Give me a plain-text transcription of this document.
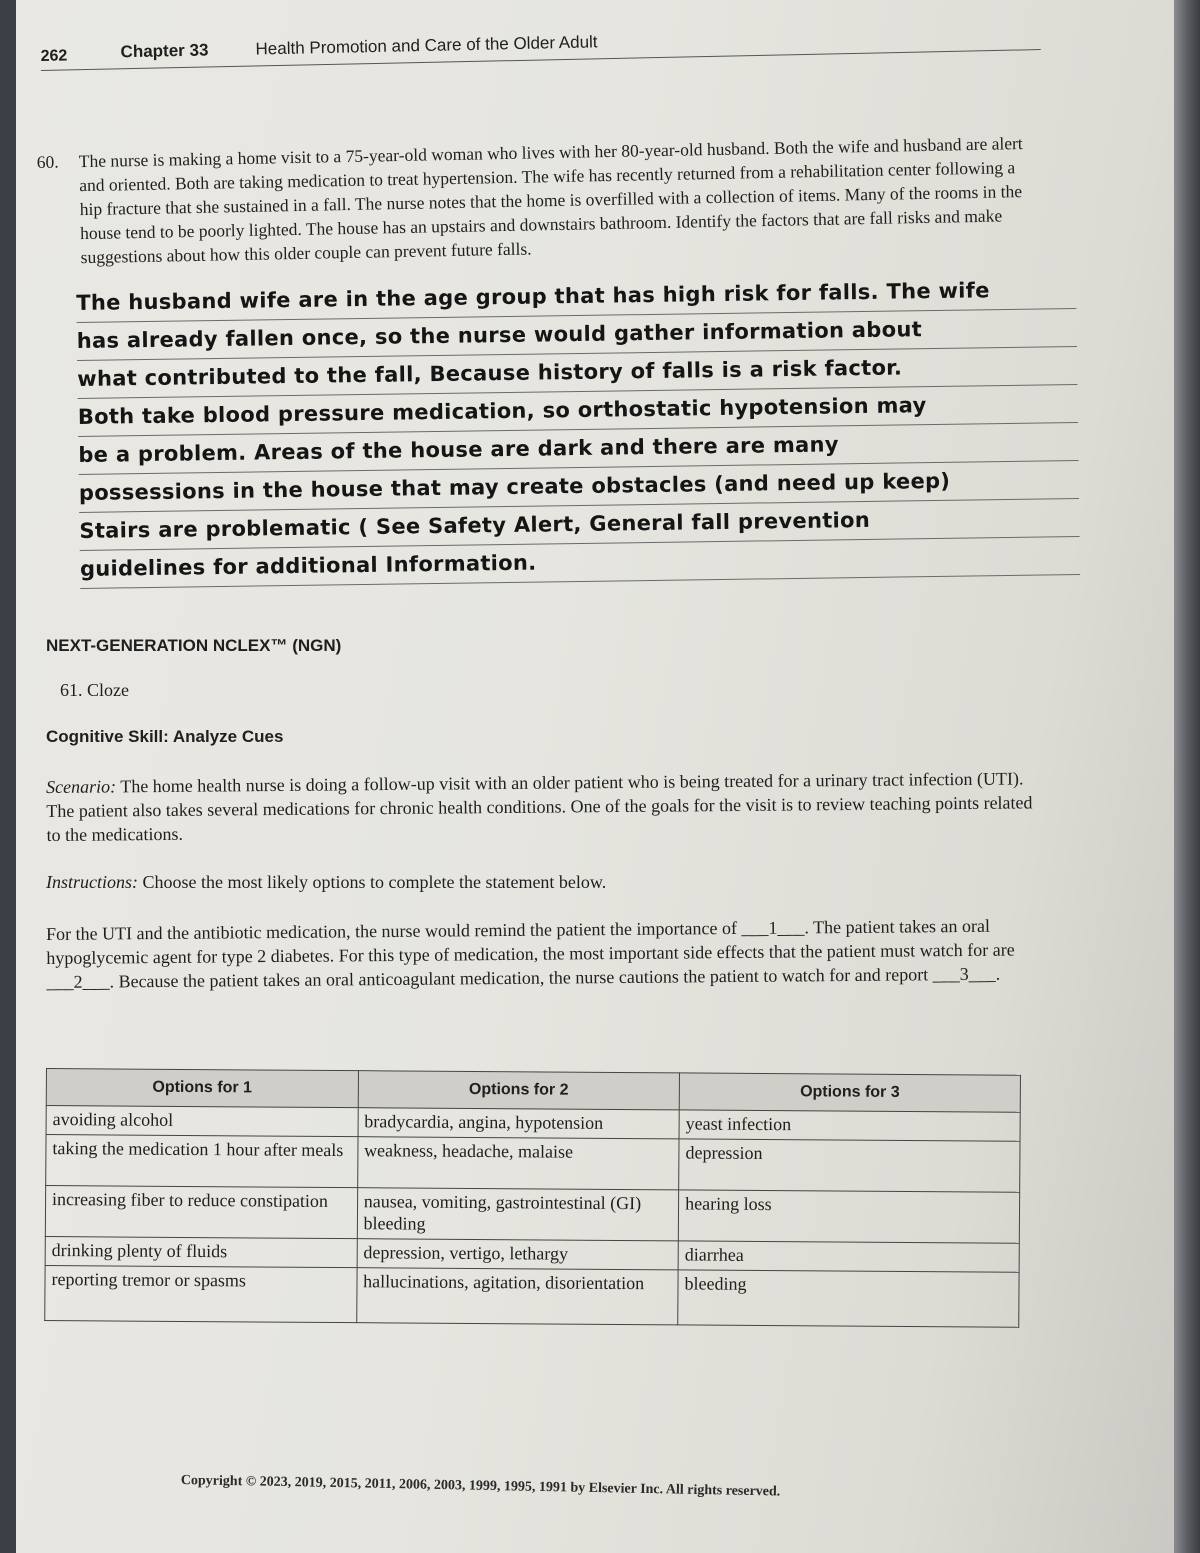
262	Chapter 33	Health Promotion and Care of the Older Adult
60. The nurse is making a home visit to a 75-year-old woman who lives with her 80-year-old husband. Both the wife and husband are alert and oriented. Both are taking medication to treat hypertension. The wife has recently returned from a rehabilitation center following a hip fracture that she sustained in a fall. The nurse notes that the home is overfilled with a collection of items. Many of the rooms in the house tend to be poorly lighted. The house has an upstairs and downstairs bathroom. Identify the factors that are fall risks and make suggestions about how this older couple can prevent future falls.
The husband wife are in the age group that has high risk for falls. The wife
has already fallen once, so the nurse would gather information about
what contributed to the fall, Because history of falls is a risk factor.
Both take blood pressure medication, so orthostatic hypotension may
be a problem. Areas of the house are dark and there are many
possessions in the house that may create obstacles (and need up keep)
Stairs are problematic ( See Safety Alert, General fall prevention
guidelines for additional Information.
NEXT-GENERATION NCLEX™ (NGN)
61. Cloze
Cognitive Skill: Analyze Cues
Scenario: The home health nurse is doing a follow-up visit with an older patient who is being treated for a urinary tract infection (UTI). The patient also takes several medications for chronic health conditions. One of the goals for the visit is to review teaching points related to the medications.
Instructions: Choose the most likely options to complete the statement below.
For the UTI and the antibiotic medication, the nurse would remind the patient the importance of ___1___. The patient takes an oral hypoglycemic agent for type 2 diabetes. For this type of medication, the most important side effects that the patient must watch for are ___2___. Because the patient takes an oral anticoagulant medication, the nurse cautions the patient to watch for and report ___3___.
Options for 1	Options for 2	Options for 3
avoiding alcohol	bradycardia, angina, hypotension	yeast infection
taking the medication 1 hour after meals	weakness, headache, malaise	depression
increasing fiber to reduce constipation	nausea, vomiting, gastrointestinal (GI) bleeding	hearing loss
drinking plenty of fluids	depression, vertigo, lethargy	diarrhea
reporting tremor or spasms	hallucinations, agitation, disorientation	bleeding
Copyright © 2023, 2019, 2015, 2011, 2006, 2003, 1999, 1995, 1991 by Elsevier Inc. All rights reserved.
